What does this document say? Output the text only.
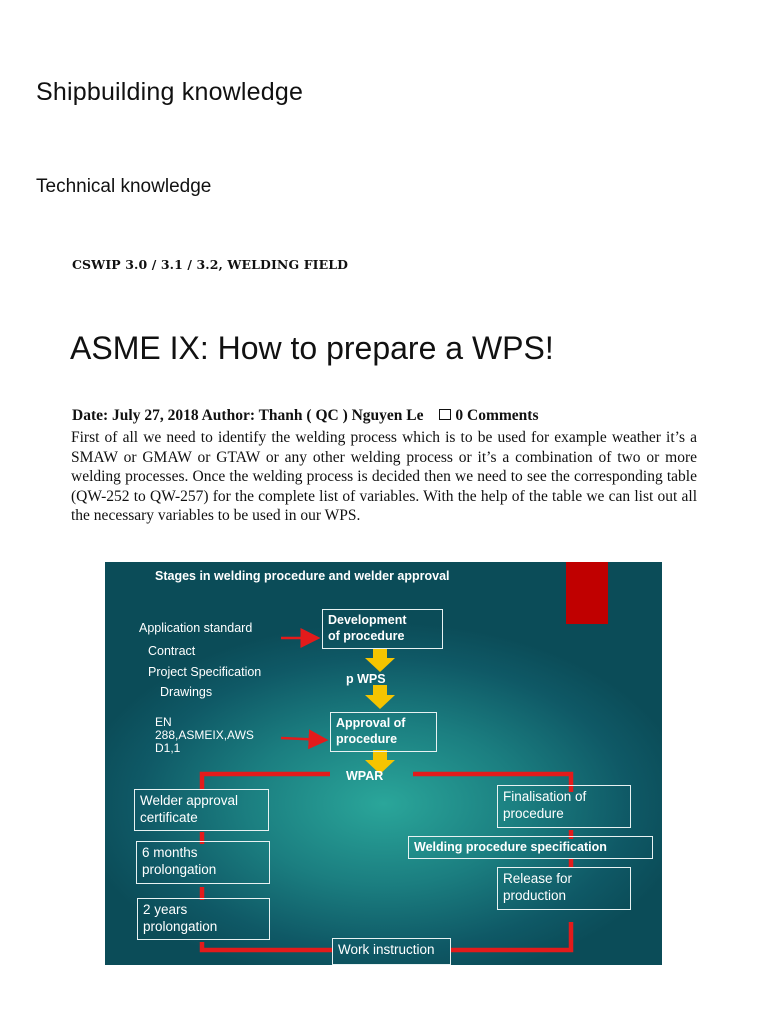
Shipbuilding knowledge
Technical knowledge
CSWIP 3.0 / 3.1 / 3.2, WELDING FIELD
ASME IX: How to prepare a WPS!
Date: July 27, 2018 Author: Thanh ( QC ) Nguyen Le 0 Comments

First of all we need to identify the welding process which is to be used for example weather it’s a SMAW or GMAW or GTAW or any other welding process or it’s a combination of two or more welding processes. Once the welding process is decided then we need to see the corresponding table (QW-252 to QW-257) for the complete list of variables. With the help of the table we can list out all the necessary variables to be used in our WPS.

Stages in welding procedure and welder approval
Application standard
Contract
Project Specification
Drawings
EN
288,ASMEIX,AWS
D1,1
Development
of procedure
p WPS
Approval of
procedure
WPAR
Welder approval
certificate
6 months
prolongation
2 years
prolongation
Finalisation of
procedure
Welding procedure specification
Release for
production
Work instruction
